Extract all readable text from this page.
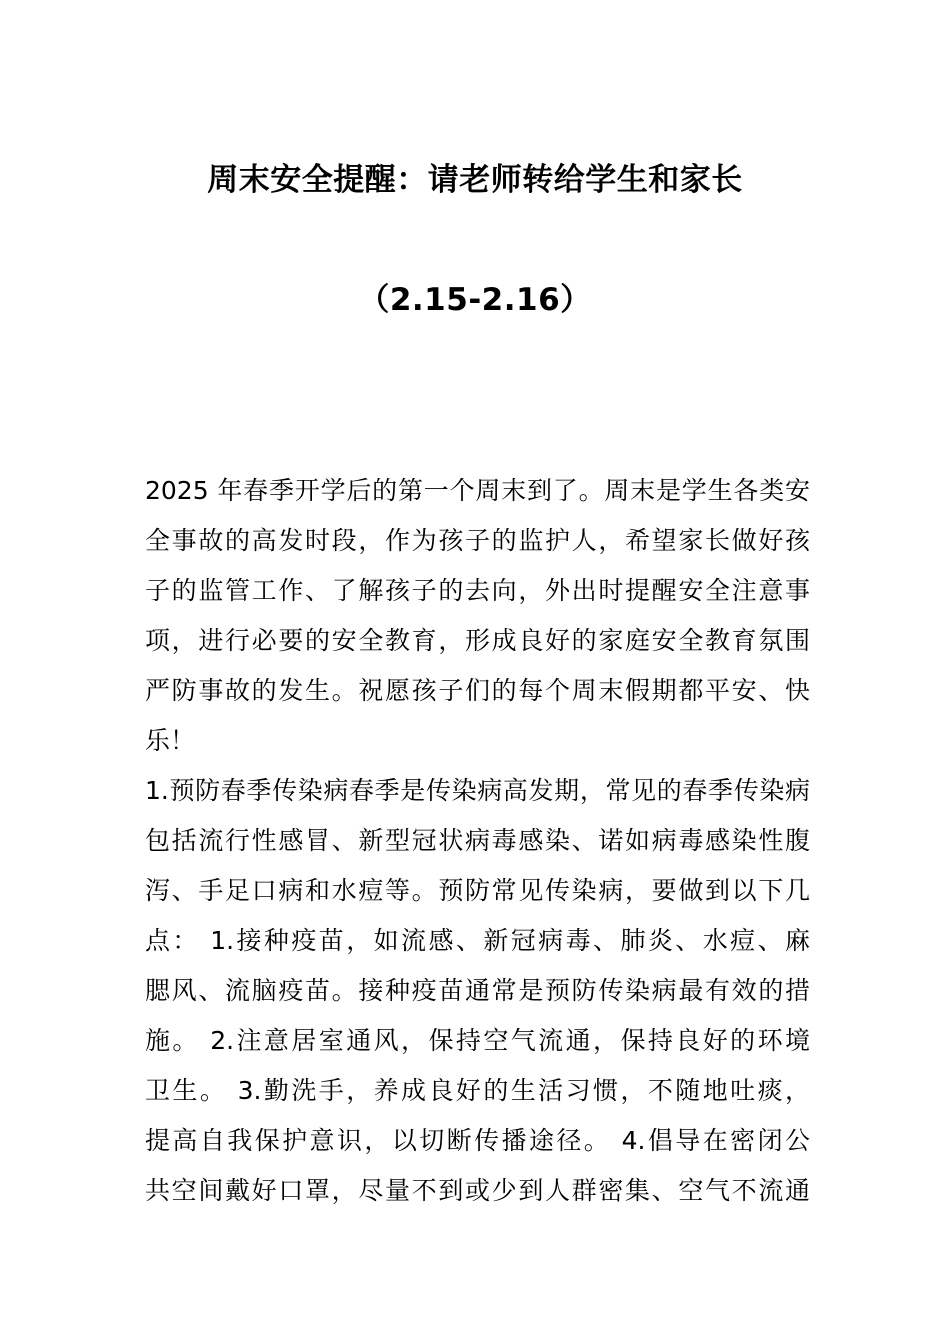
周末安全提醒：请老师转给学生和家长
（2.15-2.16）
2025 年春季开学后的第一个周末到了。周末是学生各类安
全事故的高发时段，作为孩子的监护人，希望家长做好孩
子的监管工作、了解孩子的去向，外出时提醒安全注意事
项，进行必要的安全教育，形成良好的家庭安全教育氛围
严防事故的发生。祝愿孩子们的每个周末假期都平安、快
乐！
1.预防春季传染病春季是传染病高发期，常见的春季传染病
包括流行性感冒、新型冠状病毒感染、诺如病毒感染性腹
泻、手足口病和水痘等。预防常见传染病，要做到以下几
点： 1.接种疫苗，如流感、新冠病毒、肺炎、水痘、麻
腮风、流脑疫苗。接种疫苗通常是预防传染病最有效的措
施。 2.注意居室通风，保持空气流通，保持良好的环境
卫生。 3.勤洗手，养成良好的生活习惯，不随地吐痰，
提高自我保护意识，以切断传播途径。 4.倡导在密闭公
共空间戴好口罩，尽量不到或少到人群密集、空气不流通
